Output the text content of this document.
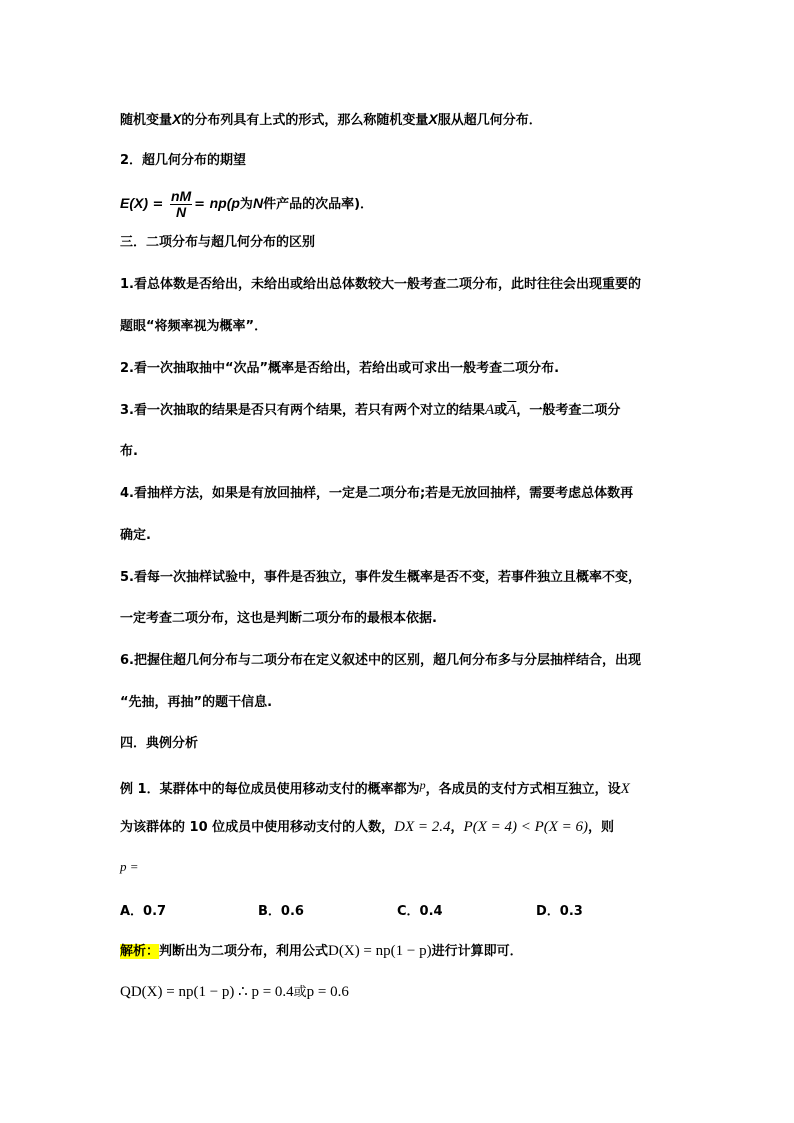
随机变量X的分布列具有上式的形式，那么称随机变量X服从超几何分布．
2．超几何分布的期望
$E(X) = \frac{nM}{N} = np(p$为N件产品的次品率)．
三．二项分布与超几何分布的区别
1.看总体数是否给出，未给出或给出总体数较大一般考查二项分布，此时往往会出现重要的
题眼“将频率视为概率”．
2.看一次抽取抽中“次品”概率是否给出，若给出或可求出一般考查二项分布.
3.看一次抽取的结果是否只有两个结果，若只有两个对立的结果A或$\overline{A}$，一般考查二项分
布.
4.看抽样方法，如果是有放回抽样，一定是二项分布;若是无放回抽样，需要考虑总体数再
确定.
5.看每一次抽样试验中，事件是否独立，事件发生概率是否不变，若事件独立且概率不变，
一定考查二项分布，这也是判断二项分布的最根本依据.
6.把握住超几何分布与二项分布在定义叙述中的区别，超几何分布多与分层抽样结合，出现
“先抽，再抽”的题干信息.
四．典例分析
例 1．某群体中的每位成员使用移动支付的概率都为p，各成员的支付方式相互独立，设X
为该群体的 10 位成员中使用移动支付的人数，DX = 2.4，P(X = 4) < P(X = 6)，则
p =
A．0.7	B．0.6	C．0.4	D．0.3
解析：判断出为二项分布，利用公式D(X) = np(1 − p)进行计算即可．
QD(X) = np(1 − p) ∴ p = 0.4或p = 0.6
